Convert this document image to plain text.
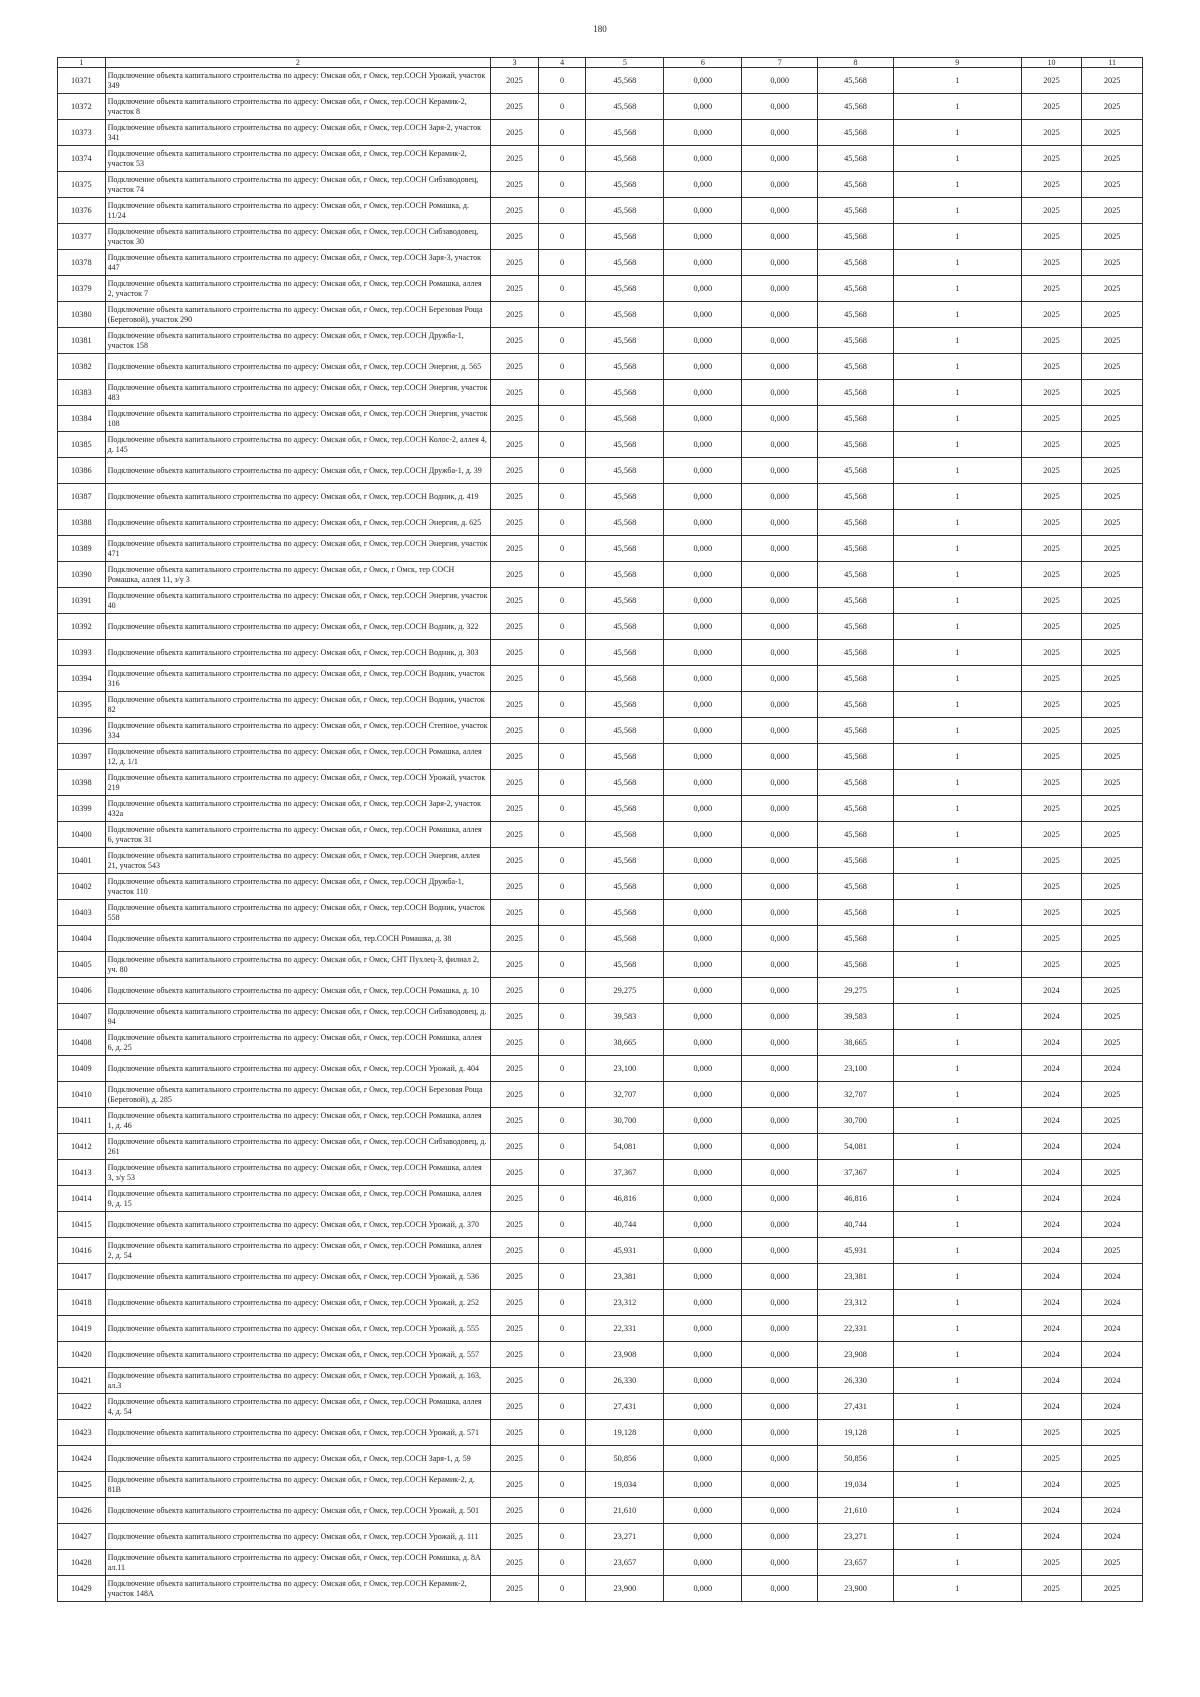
180
1	2	3	4	5	6	7	8	9	10	11
10371	Подключение объекта капитального строительства по адресу: Омская обл, г Омск, тер.СОСН Урожай, участок 349	2025	0	45,568	0,000	0,000	45,568	1	2025	2025
10372	Подключение объекта капитального строительства по адресу: Омская обл, г Омск, тер.СОСН Керамик-2, участок 8	2025	0	45,568	0,000	0,000	45,568	1	2025	2025
10373	Подключение объекта капитального строительства по адресу: Омская обл, г Омск, тер.СОСН Заря-2, участок 341	2025	0	45,568	0,000	0,000	45,568	1	2025	2025
10374	Подключение объекта капитального строительства по адресу: Омская обл, г Омск, тер.СОСН Керамик-2, участок 53	2025	0	45,568	0,000	0,000	45,568	1	2025	2025
10375	Подключение объекта капитального строительства по адресу: Омская обл, г Омск, тер.СОСН Сибзаводовец, участок 74	2025	0	45,568	0,000	0,000	45,568	1	2025	2025
10376	Подключение объекта капитального строительства по адресу: Омская обл, г Омск, тер.СОСН Ромашка, д. 11/24	2025	0	45,568	0,000	0,000	45,568	1	2025	2025
10377	Подключение объекта капитального строительства по адресу: Омская обл, г Омск, тер.СОСН Сибзаводовец, участок 30	2025	0	45,568	0,000	0,000	45,568	1	2025	2025
10378	Подключение объекта капитального строительства по адресу: Омская обл, г Омск, тер.СОСН Заря-3, участок 447	2025	0	45,568	0,000	0,000	45,568	1	2025	2025
10379	Подключение объекта капитального строительства по адресу: Омская обл, г Омск, тер.СОСН Ромашка, аллея 2, участок 7	2025	0	45,568	0,000	0,000	45,568	1	2025	2025
10380	Подключение объекта капитального строительства по адресу: Омская обл, г Омск, тер.СОСН Березовая Роща (Береговой), участок 290	2025	0	45,568	0,000	0,000	45,568	1	2025	2025
10381	Подключение объекта капитального строительства по адресу: Омская обл, г Омск, тер.СОСН Дружба-1, участок 158	2025	0	45,568	0,000	0,000	45,568	1	2025	2025
10382	Подключение объекта капитального строительства по адресу: Омская обл, г Омск, тер.СОСН Энергия, д. 565	2025	0	45,568	0,000	0,000	45,568	1	2025	2025
10383	Подключение объекта капитального строительства по адресу: Омская обл, г Омск, тер.СОСН Энергия, участок 483	2025	0	45,568	0,000	0,000	45,568	1	2025	2025
10384	Подключение объекта капитального строительства по адресу: Омская обл, г Омск, тер.СОСН Энергия, участок 108	2025	0	45,568	0,000	0,000	45,568	1	2025	2025
10385	Подключение объекта капитального строительства по адресу: Омская обл, г Омск, тер.СОСН Колос-2, аллея 4, д. 145	2025	0	45,568	0,000	0,000	45,568	1	2025	2025
10386	Подключение объекта капитального строительства по адресу: Омская обл, г Омск, тер.СОСН Дружба-1, д. 39	2025	0	45,568	0,000	0,000	45,568	1	2025	2025
10387	Подключение объекта капитального строительства по адресу: Омская обл, г Омск, тер.СОСН Водник, д. 419	2025	0	45,568	0,000	0,000	45,568	1	2025	2025
10388	Подключение объекта капитального строительства по адресу: Омская обл, г Омск, тер.СОСН Энергия, д. 625	2025	0	45,568	0,000	0,000	45,568	1	2025	2025
10389	Подключение объекта капитального строительства по адресу: Омская обл, г Омск, тер.СОСН Энергия, участок 471	2025	0	45,568	0,000	0,000	45,568	1	2025	2025
10390	Подключение объекта капитального строительства по адресу: Омская обл, г Омск, г Омск, тер СОСН Ромашка, аллея 11, з/у 3	2025	0	45,568	0,000	0,000	45,568	1	2025	2025
10391	Подключение объекта капитального строительства по адресу: Омская обл, г Омск, тер.СОСН Энергия, участок 40	2025	0	45,568	0,000	0,000	45,568	1	2025	2025
10392	Подключение объекта капитального строительства по адресу: Омская обл, г Омск, тер.СОСН Водник, д. 322	2025	0	45,568	0,000	0,000	45,568	1	2025	2025
10393	Подключение объекта капитального строительства по адресу: Омская обл, г Омск, тер.СОСН Водник, д. 303	2025	0	45,568	0,000	0,000	45,568	1	2025	2025
10394	Подключение объекта капитального строительства по адресу: Омская обл, г Омск, тер.СОСН Водник, участок 316	2025	0	45,568	0,000	0,000	45,568	1	2025	2025
10395	Подключение объекта капитального строительства по адресу: Омская обл, г Омск, тер.СОСН Водник, участок 82	2025	0	45,568	0,000	0,000	45,568	1	2025	2025
10396	Подключение объекта капитального строительства по адресу: Омская обл, г Омск, тер.СОСН Степное, участок 334	2025	0	45,568	0,000	0,000	45,568	1	2025	2025
10397	Подключение объекта капитального строительства по адресу: Омская обл, г Омск, тер.СОСН Ромашка, аллея 12, д. 1/1	2025	0	45,568	0,000	0,000	45,568	1	2025	2025
10398	Подключение объекта капитального строительства по адресу: Омская обл, г Омск, тер.СОСН Урожай, участок 219	2025	0	45,568	0,000	0,000	45,568	1	2025	2025
10399	Подключение объекта капитального строительства по адресу: Омская обл, г Омск, тер.СОСН Заря-2, участок 432а	2025	0	45,568	0,000	0,000	45,568	1	2025	2025
10400	Подключение объекта капитального строительства по адресу: Омская обл, г Омск, тер.СОСН Ромашка, аллея 6, участок 31	2025	0	45,568	0,000	0,000	45,568	1	2025	2025
10401	Подключение объекта капитального строительства по адресу: Омская обл, г Омск, тер.СОСН Энергия, аллея 21, участок 543	2025	0	45,568	0,000	0,000	45,568	1	2025	2025
10402	Подключение объекта капитального строительства по адресу: Омская обл, г Омск, тер.СОСН Дружба-1, участок 110	2025	0	45,568	0,000	0,000	45,568	1	2025	2025
10403	Подключение объекта капитального строительства по адресу: Омская обл, г Омск, тер.СОСН Водник, участок 558	2025	0	45,568	0,000	0,000	45,568	1	2025	2025
10404	Подключение объекта капитального строительства по адресу: Омская обл, тер.СОСН Ромашка, д. 38	2025	0	45,568	0,000	0,000	45,568	1	2025	2025
10405	Подключение объекта капитального строительства по адресу: Омская обл, г Омск, СНТ Пухлец-3, филиал 2, уч. 80	2025	0	45,568	0,000	0,000	45,568	1	2025	2025
10406	Подключение объекта капитального строительства по адресу: Омская обл, г Омск, тер.СОСН Ромашка, д. 10	2025	0	29,275	0,000	0,000	29,275	1	2024	2025
10407	Подключение объекта капитального строительства по адресу: Омская обл, г Омск, тер.СОСН Сибзаводовец, д. 94	2025	0	39,583	0,000	0,000	39,583	1	2024	2025
10408	Подключение объекта капитального строительства по адресу: Омская обл, г Омск, тер.СОСН Ромашка, аллея 6, д. 25	2025	0	38,665	0,000	0,000	38,665	1	2024	2025
10409	Подключение объекта капитального строительства по адресу: Омская обл, г Омск, тер.СОСН Урожай, д. 404	2025	0	23,100	0,000	0,000	23,100	1	2024	2024
10410	Подключение объекта капитального строительства по адресу: Омская обл, г Омск, тер.СОСН Березовая Роща (Береговой), д. 285	2025	0	32,707	0,000	0,000	32,707	1	2024	2025
10411	Подключение объекта капитального строительства по адресу: Омская обл, г Омск, тер.СОСН Ромашка, аллея 1, д. 46	2025	0	30,700	0,000	0,000	30,700	1	2024	2025
10412	Подключение объекта капитального строительства по адресу: Омская обл, г Омск, тер.СОСН Сибзаводовец, д. 261	2025	0	54,081	0,000	0,000	54,081	1	2024	2024
10413	Подключение объекта капитального строительства по адресу: Омская обл, г Омск, тер.СОСН Ромашка, аллея 3, з/у 53	2025	0	37,367	0,000	0,000	37,367	1	2024	2025
10414	Подключение объекта капитального строительства по адресу: Омская обл, г Омск, тер.СОСН Ромашка, аллея 9, д. 15	2025	0	46,816	0,000	0,000	46,816	1	2024	2024
10415	Подключение объекта капитального строительства по адресу: Омская обл, г Омск, тер.СОСН Урожай, д. 370	2025	0	40,744	0,000	0,000	40,744	1	2024	2024
10416	Подключение объекта капитального строительства по адресу: Омская обл, г Омск, тер.СОСН Ромашка, аллея 2, д. 54	2025	0	45,931	0,000	0,000	45,931	1	2024	2025
10417	Подключение объекта капитального строительства по адресу: Омская обл, г Омск, тер.СОСН Урожай, д. 536	2025	0	23,381	0,000	0,000	23,381	1	2024	2024
10418	Подключение объекта капитального строительства по адресу: Омская обл, г Омск, тер.СОСН Урожай, д. 252	2025	0	23,312	0,000	0,000	23,312	1	2024	2024
10419	Подключение объекта капитального строительства по адресу: Омская обл, г Омск, тер.СОСН Урожай, д. 555	2025	0	22,331	0,000	0,000	22,331	1	2024	2024
10420	Подключение объекта капитального строительства по адресу: Омская обл, г Омск, тер.СОСН Урожай, д. 557	2025	0	23,908	0,000	0,000	23,908	1	2024	2024
10421	Подключение объекта капитального строительства по адресу: Омская обл, г Омск, тер.СОСН Урожай, д. 163, ал.3	2025	0	26,330	0,000	0,000	26,330	1	2024	2024
10422	Подключение объекта капитального строительства по адресу: Омская обл, г Омск, тер.СОСН Ромашка, аллея 4, д. 54	2025	0	27,431	0,000	0,000	27,431	1	2024	2024
10423	Подключение объекта капитального строительства по адресу: Омская обл, г Омск, тер.СОСН Урожай, д. 571	2025	0	19,128	0,000	0,000	19,128	1	2025	2025
10424	Подключение объекта капитального строительства по адресу: Омская обл, г Омск, тер.СОСН Заря-1, д. 59	2025	0	50,856	0,000	0,000	50,856	1	2025	2025
10425	Подключение объекта капитального строительства по адресу: Омская обл, г Омск, тер.СОСН Керамик-2, д. 81В	2025	0	19,034	0,000	0,000	19,034	1	2024	2025
10426	Подключение объекта капитального строительства по адресу: Омская обл, г Омск, тер.СОСН Урожай, д. 501	2025	0	21,610	0,000	0,000	21,610	1	2024	2024
10427	Подключение объекта капитального строительства по адресу: Омская обл, г Омск, тер.СОСН Урожай, д. 111	2025	0	23,271	0,000	0,000	23,271	1	2024	2024
10428	Подключение объекта капитального строительства по адресу: Омская обл, г Омск, тер.СОСН Ромашка, д. 8А ал.11	2025	0	23,657	0,000	0,000	23,657	1	2025	2025
10429	Подключение объекта капитального строительства по адресу: Омская обл, г Омск, тер.СОСН Керамик-2, участок 148А	2025	0	23,900	0,000	0,000	23,900	1	2025	2025
